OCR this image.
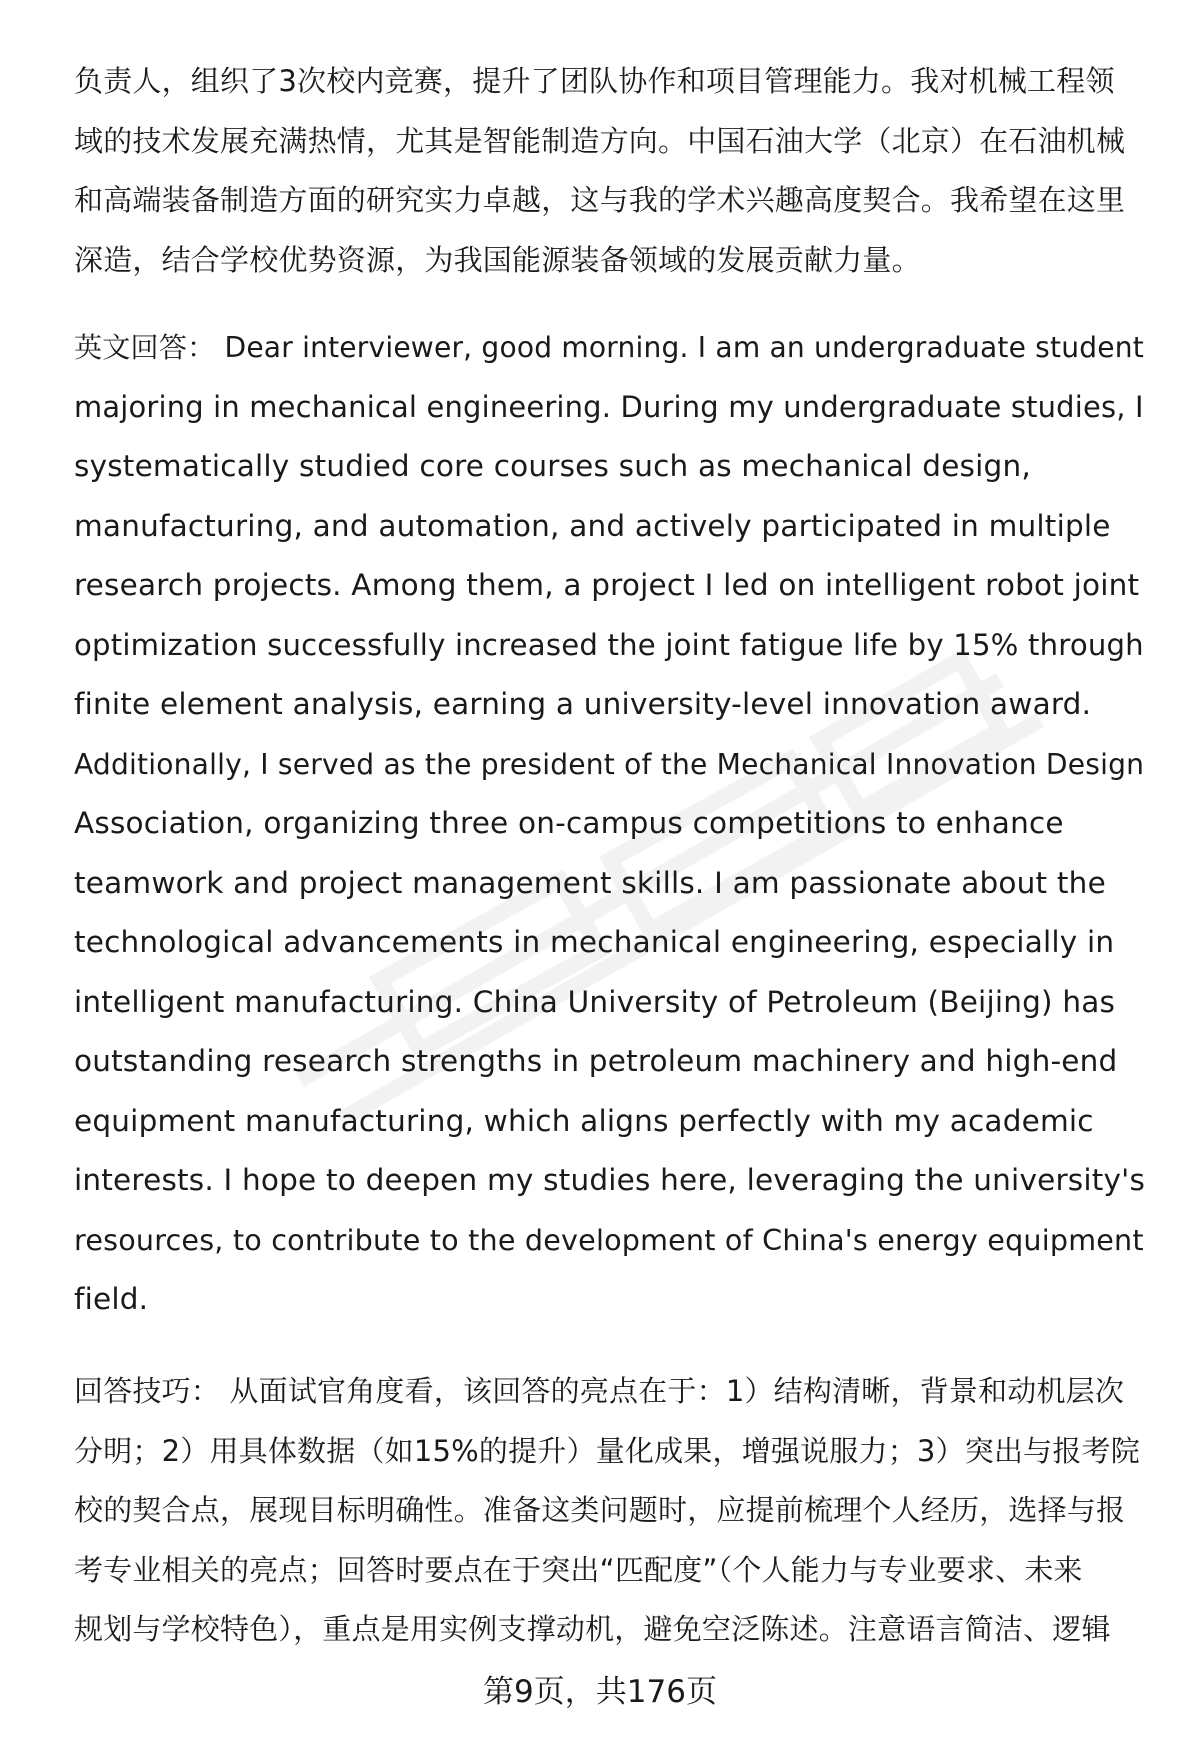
负责人，组织了3次校内竞赛，提升了团队协作和项目管理能力。我对机械工程领
域的技术发展充满热情，尤其是智能制造方向。中国石油大学（北京）在石油机械
和高端装备制造方面的研究实力卓越，这与我的学术兴趣高度契合。我希望在这里
深造，结合学校优势资源，为我国能源装备领域的发展贡献力量。
英文回答： Dear interviewer, good morning. I am an undergraduate student
majoring in mechanical engineering. During my undergraduate studies, I
systematically studied core courses such as mechanical design,
manufacturing, and automation, and actively participated in multiple
research projects. Among them, a project I led on intelligent robot joint
optimization successfully increased the joint fatigue life by 15% through
finite element analysis, earning a university-level innovation award.
Additionally, I served as the president of the Mechanical Innovation Design
Association, organizing three on-campus competitions to enhance
teamwork and project management skills. I am passionate about the
technological advancements in mechanical engineering, especially in
intelligent manufacturing. China University of Petroleum (Beijing) has
outstanding research strengths in petroleum machinery and high-end
equipment manufacturing, which aligns perfectly with my academic
interests. I hope to deepen my studies here, leveraging the university's
resources, to contribute to the development of China's energy equipment
field.
回答技巧： 从面试官角度看，该回答的亮点在于：1）结构清晰，背景和动机层次
分明；2）用具体数据（如15%的提升）量化成果，增强说服力；3）突出与报考院
校的契合点，展现目标明确性。准备这类问题时，应提前梳理个人经历，选择与报
考专业相关的亮点；回答时要点在于突出“匹配度”（个人能力与专业要求、未来
规划与学校特色），重点是用实例支撑动机，避免空泛陈述。注意语言简洁、逻辑
第9页，共176页
